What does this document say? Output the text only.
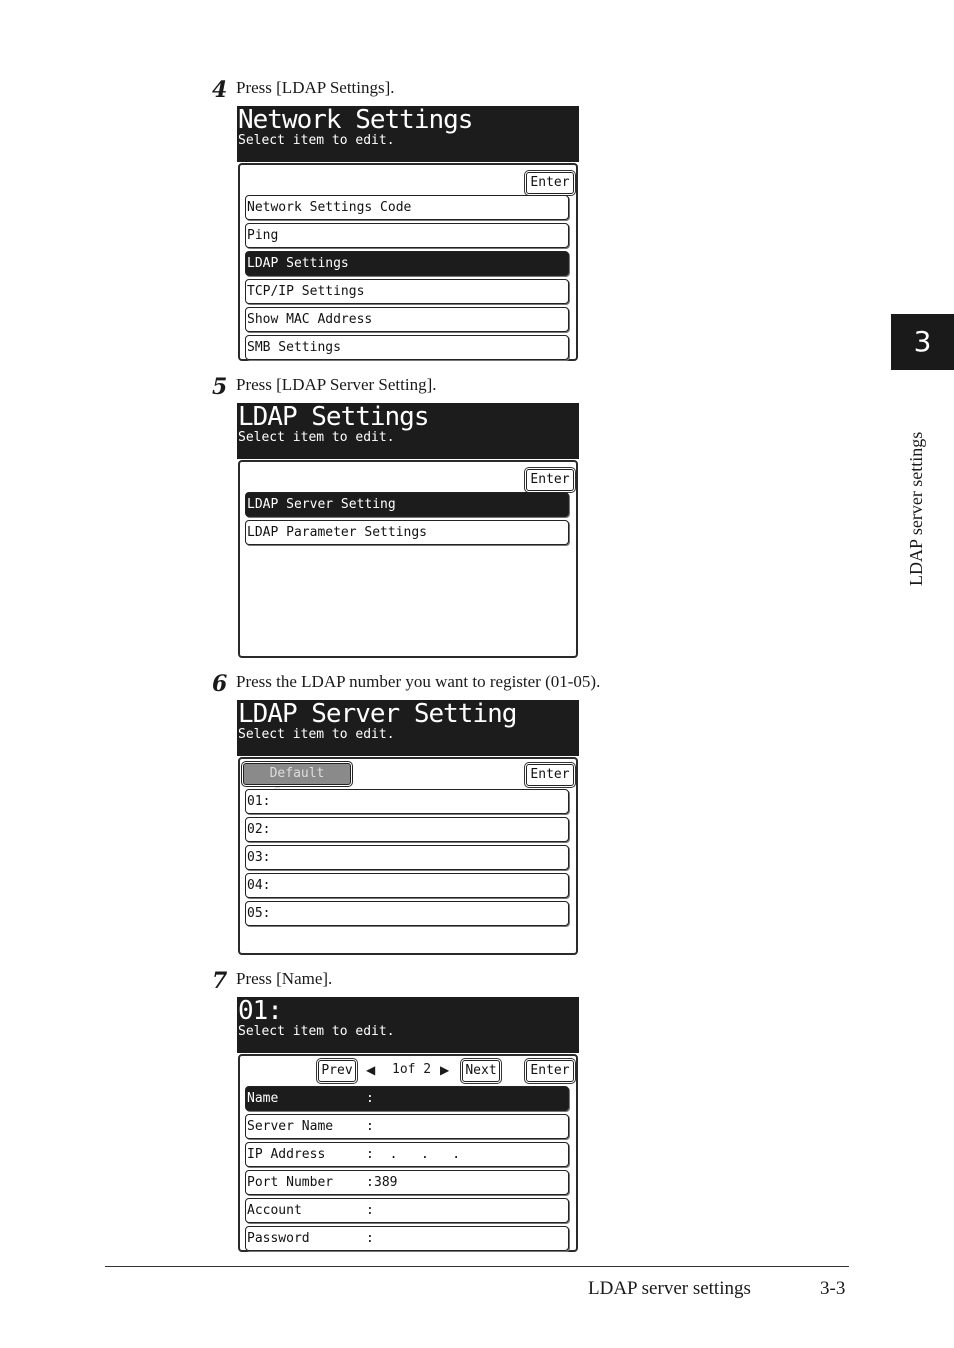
4 Press [LDAP Settings].
Network Settings
Select item to edit.
Enter
Network Settings Code
Ping
LDAP Settings
TCP/IP Settings
Show MAC Address
SMB Settings
5 Press [LDAP Server Setting].
LDAP Settings
Select item to edit.
Enter
LDAP Server Setting
LDAP Parameter Settings
6 Press the LDAP number you want to register (01-05).
LDAP Server Setting
Select item to edit.
Default	Enter
01:
02:
03:
04:
05:
7 Press [Name].
01:
Select item to edit.
Prev ◀ 1of 2 ▶ Next	Enter
Name	:
Server Name	:
IP Address	: .   .   .
Port Number	: 389
Account	:
Password	:
3
LDAP server settings
LDAP server settings	3-3
